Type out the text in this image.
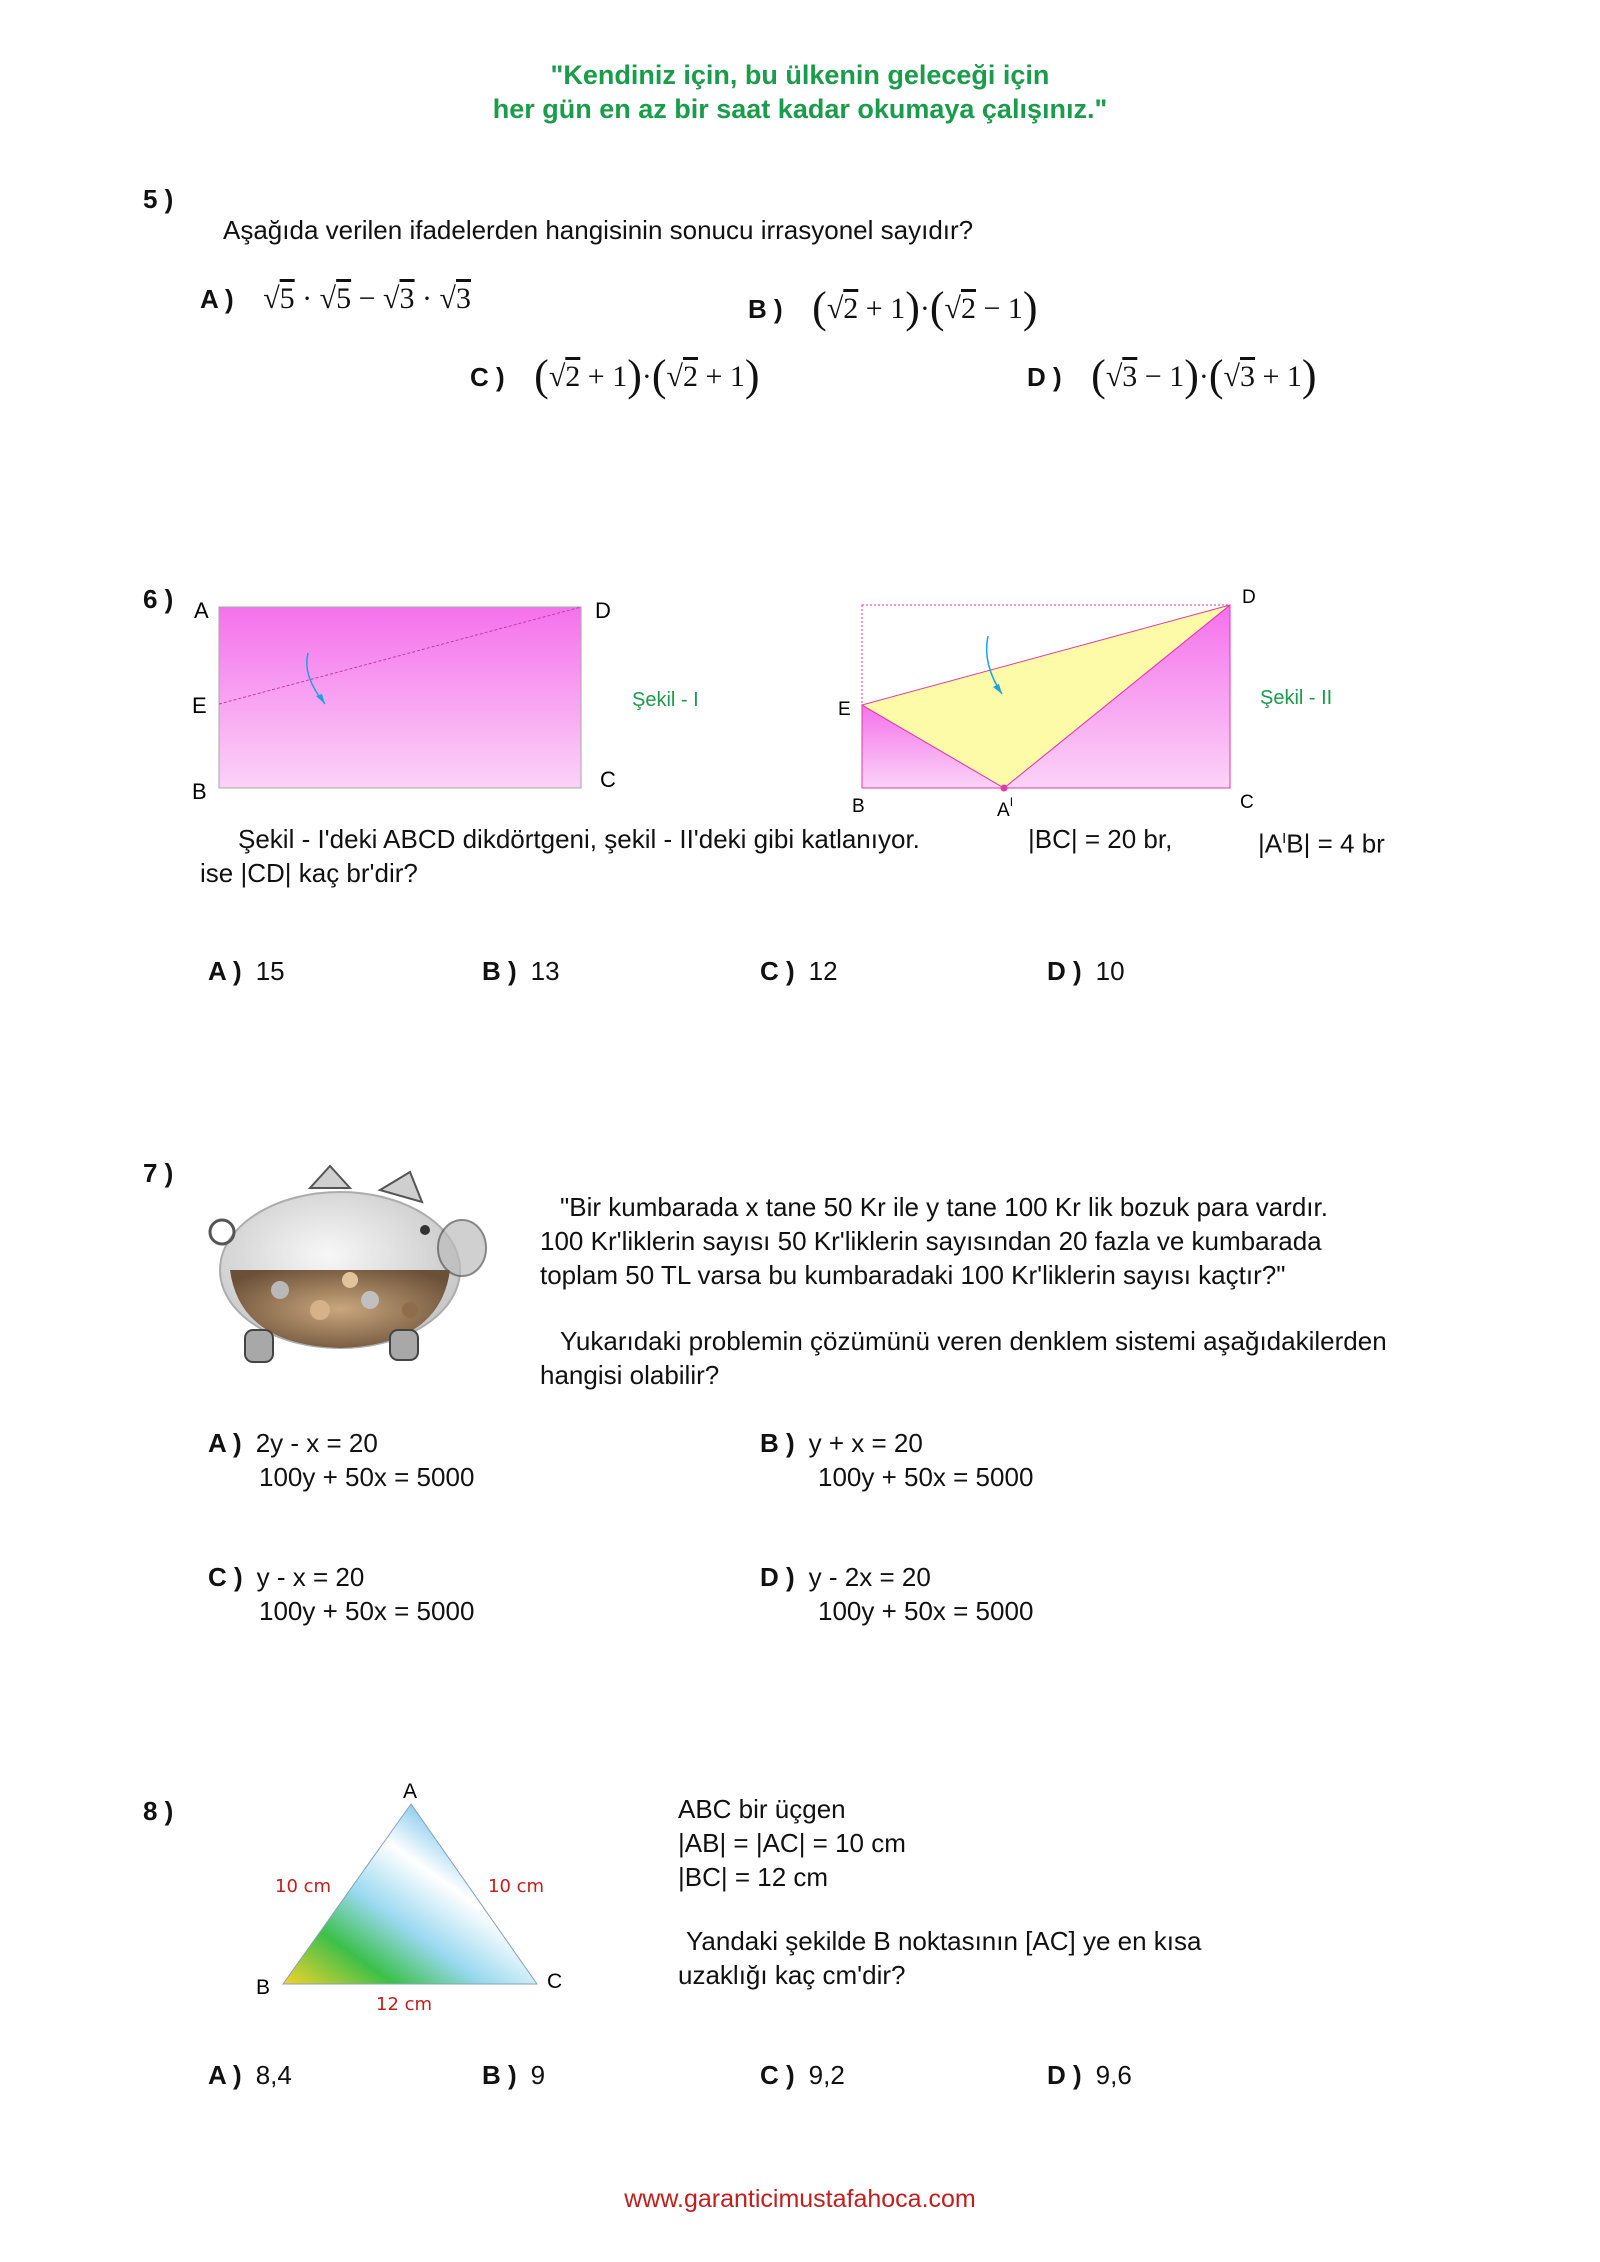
"Kendiniz için, bu ülkenin geleceği için
her gün en az bir saat kadar okumaya çalışınız."
5 )
Aşağıda verilen ifadelerden hangisinin sonucu irrasyonel sayıdır?
A ) √5 · √5 − √3 · √3	B ) (√2 + 1)·(√2 − 1)
C ) (√2 + 1)·(√2 + 1)	D ) (√3 − 1)·(√3 + 1)
6 ) A	D
E
B	C
Şekil - I
D
E
B	$A^I$	C
Şekil - II
Şekil - I'deki ABCD dikdörtgeni, şekil - II'deki gibi katlanıyor.	|BC| = 20 br,	$|A^IB| = 4$ br
ise |CD| kaç br'dir?
A ) 15	B ) 13	C ) 12	D ) 10
7 )
"Bir kumbarada x tane 50 Kr ile y tane 100 Kr lik bozuk para vardır.
100 Kr'liklerin sayısı 50 Kr'liklerin sayısından 20 fazla ve kumbarada
toplam 50 TL varsa bu kumbaradaki 100 Kr'liklerin sayısı kaçtır?"
Yukarıdaki problemin çözümünü veren denklem sistemi aşağıdakilerden
hangisi olabilir?
A ) 2y - x = 20
100y + 50x = 5000
B ) y + x = 20
100y + 50x = 5000
C ) y - x = 20
100y + 50x = 5000
D ) y - 2x = 20
100y + 50x = 5000
8 )
A
B	C
10 cm	10 cm
12 cm
ABC bir üçgen
|AB| = |AC| = 10 cm
|BC| = 12 cm
Yandaki şekilde B noktasının [AC] ye en kısa
uzaklığı kaç cm'dir?
A ) 8,4	B ) 9	C ) 9,2	D ) 9,6
www.garanticimustafahoca.com
